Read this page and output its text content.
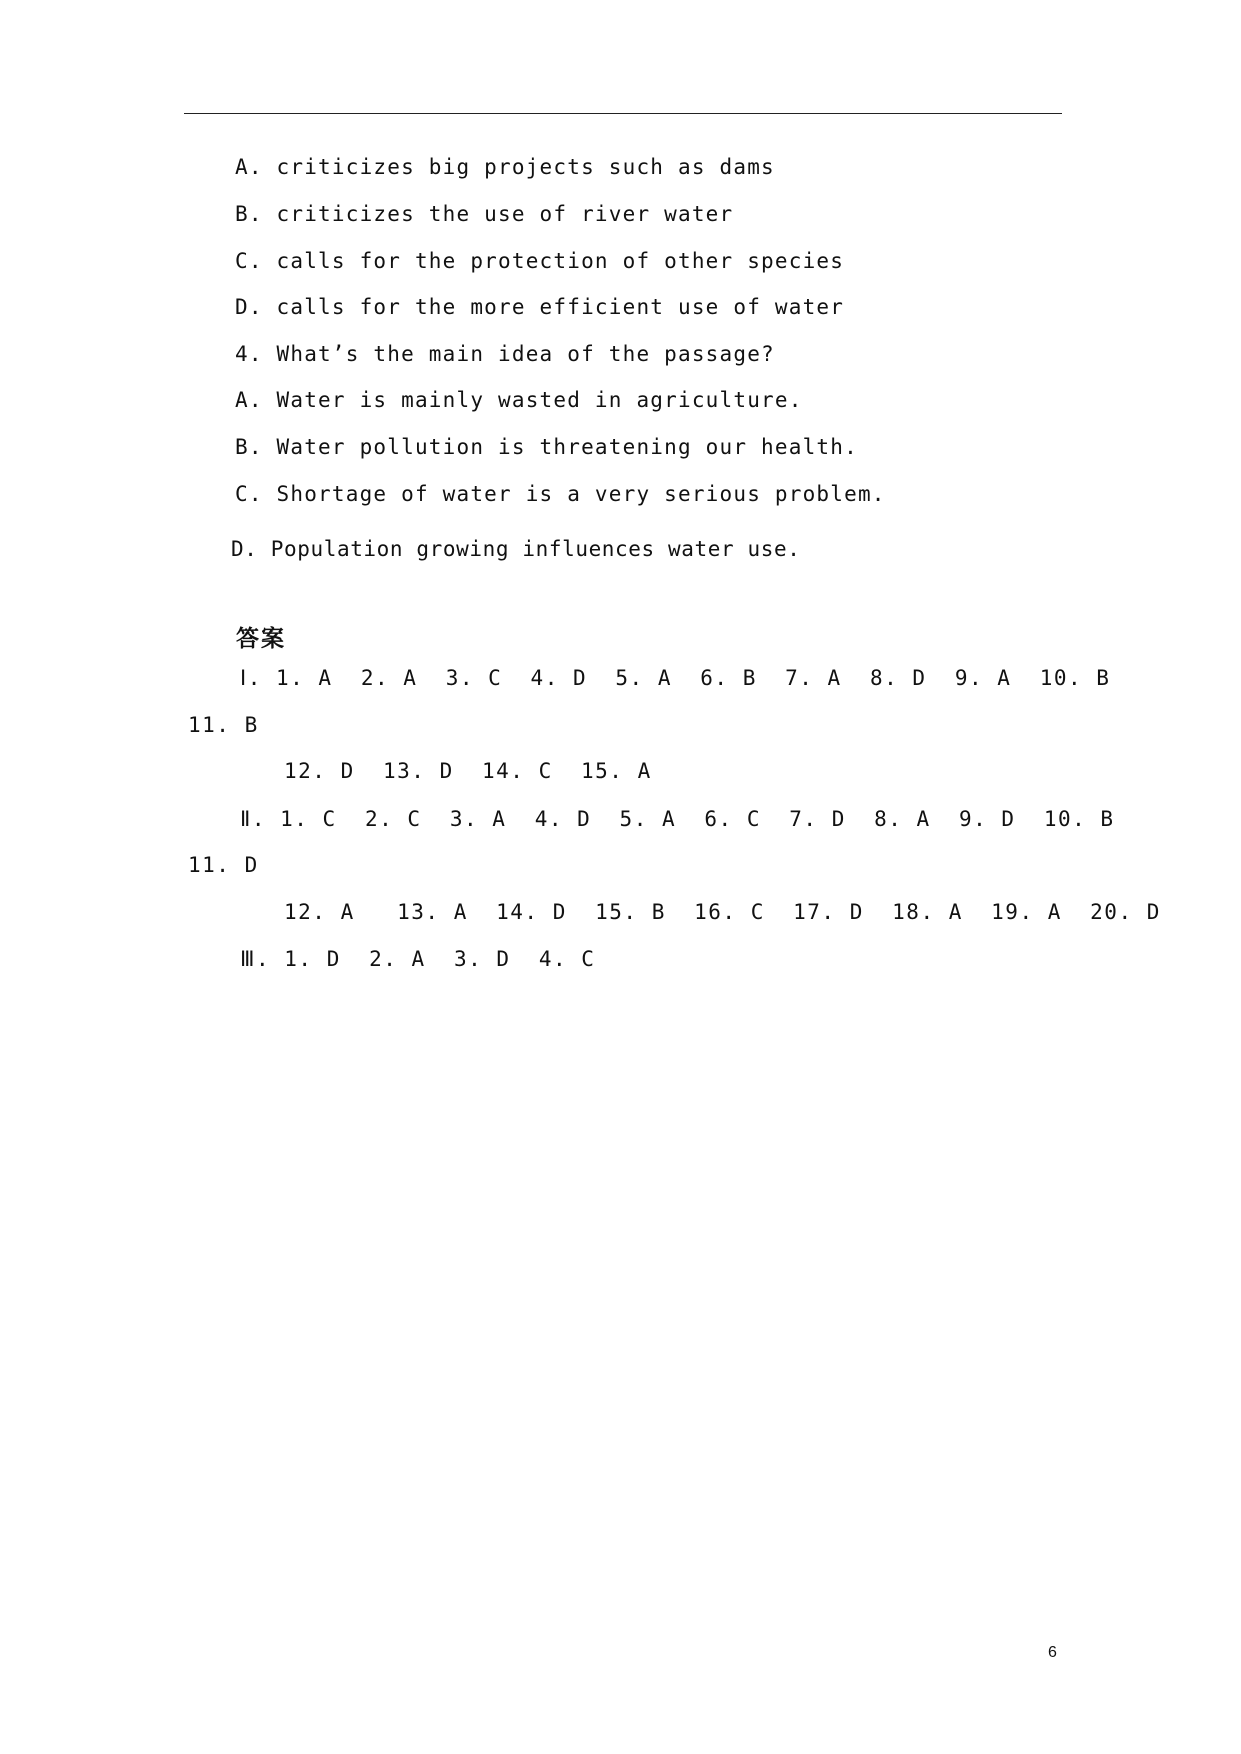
A. criticizes big projects such as dams
B. criticizes the use of river water
C. calls for the protection of other species
D. calls for the more efficient use of water
4. What’s the main idea of the passage?
A. Water is mainly wasted in agriculture.
B. Water pollution is threatening our health.
C. Shortage of water is a very serious problem.
D. Population growing influences water use.
答案
Ⅰ. 1. A  2. A  3. C  4. D  5. A  6. B  7. A  8. D  9. A  10. B
11. B
12. D  13. D  14. C  15. A
Ⅱ. 1. C  2. C  3. A  4. D  5. A  6. C  7. D  8. A  9. D  10. B
11. D
12. A   13. A  14. D  15. B  16. C  17. D  18. A  19. A  20. D
Ⅲ. 1. D  2. A  3. D  4. C
6
